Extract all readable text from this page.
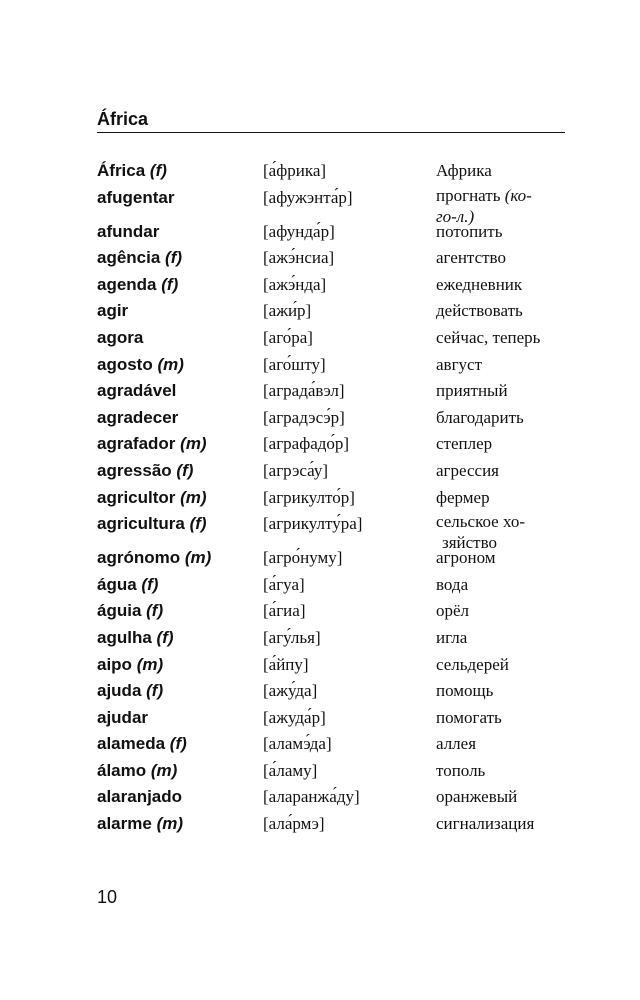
África
África (f)	[а́фрика]	Африка
afugentar	[афужэнта́р]	прогнать (ко-
го-л.)
afundar	[афунда́р]	потопить
agência (f)	[ажэ́нсиа]	агентство
agenda (f)	[ажэ́нда]	ежедневник
agir	[ажи́р]	действовать
agora	[аго́ра]	сейчас, теперь
agosto (m)	[аго́шту]	август
agradável	[аграда́вэл]	приятный
agradecer	[аградэсэ́р]	благодарить
agrafador (m)	[аграфадо́р]	степлер
agressão (f)	[агрэса́у]	агрессия
agricultor (m)	[агрикулто́р]	фермер
agricultura (f)	[агрикулту́ра]	сельское хо-
зяйство
agrónomo (m)	[агро́нуму]	агроном
água (f)	[а́гуа]	вода
águia (f)	[а́гиа]	орёл
agulha (f)	[агу́лья]	игла
aipo (m)	[а́йпу]	сельдерей
ajuda (f)	[ажу́да]	помощь
ajudar	[ажуда́р]	помогать
alameda (f)	[аламэ́да]	аллея
álamo (m)	[а́ламу]	тополь
alaranjado	[аларанжа́ду]	оранжевый
alarme (m)	[ала́рмэ]	сигнализация
10
